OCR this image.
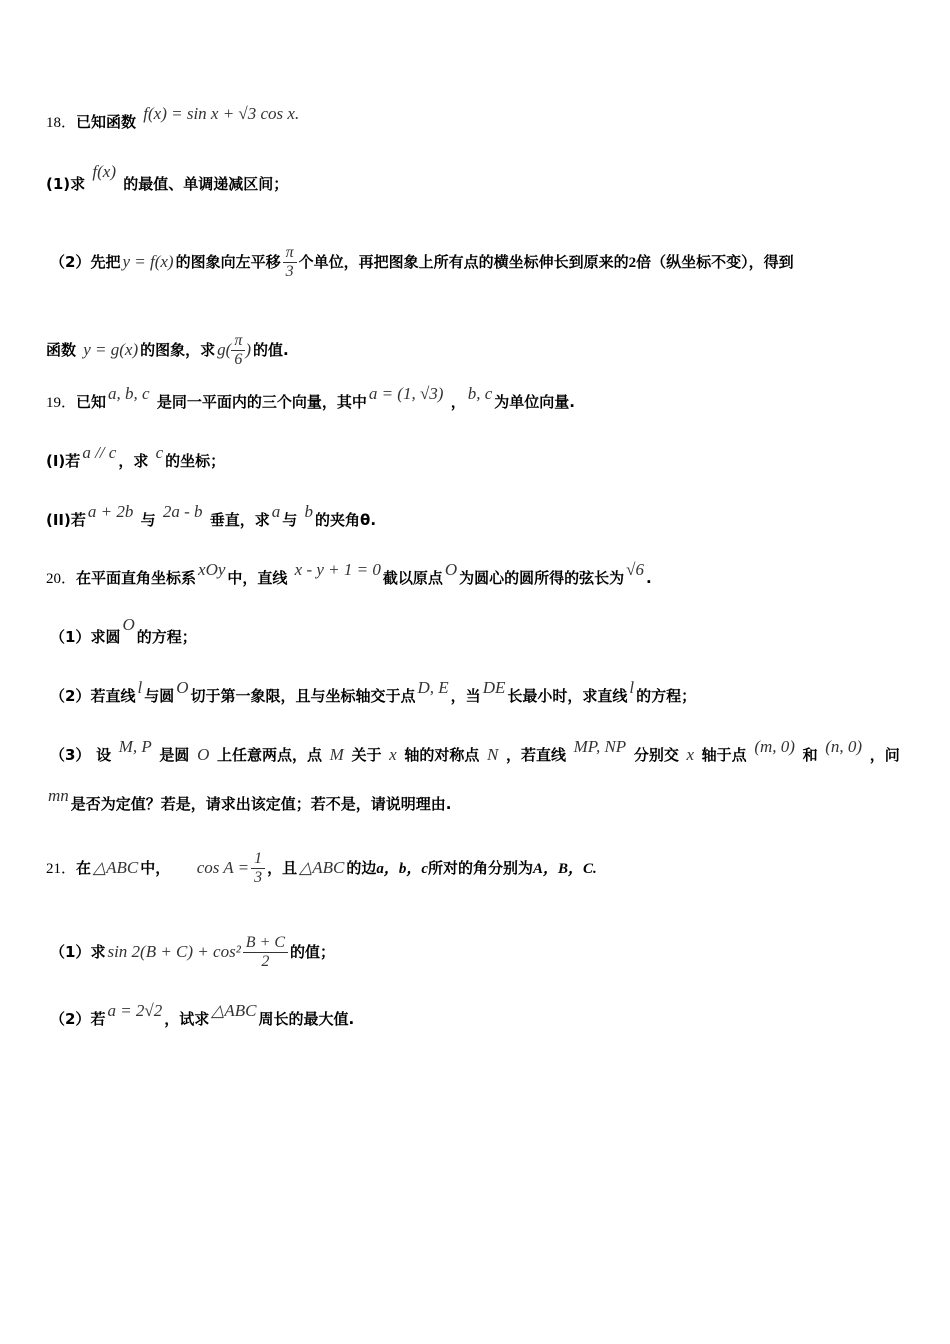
18．已知函数 f(x) = sin x + √3 cos x.
(1)求 f(x) 的最值、单调递减区间；
（2）先把 y = f(x) 的图象向左平移 $\frac{\pi}{3}$ 个单位，再把图象上所有点的横坐标伸长到原来的2倍（纵坐标不变），得到
函数 y = g(x) 的图象，求 $g( \frac{\pi}{6}$ ) 的值.
19．已知 a, b, c 是同一平面内的三个向量，其中 a = (1, √3) ， b, c 为单位向量.
(I)若 a // c ，求 c 的坐标；
(II)若 a + 2b 与 2a - b 垂直，求 a 与 b 的夹角θ.
20．在平面直角坐标系 xOy 中，直线 x - y + 1 = 0 截以原点 O 为圆心的圆所得的弦长为 √6 .
（1）求圆O的方程；
（2）若直线 l 与圆 O 切于第一象限，且与坐标轴交于点 D, E ，当 DE 长最小时，求直线 l 的方程；
（3） 设 M, P 是圆 O 上任意两点，点 M 关于 x 轴的对称点 N ，若直线 MP, NP 分别交 x 轴于点 (m, 0) 和 (n, 0) ，问
mn 是否为定值？若是，请求出该定值；若不是，请说明理由.
21．在 △ABC 中， $\cos A = \frac{1}{3}$ ，且 △ABC 的边a，b，c所对的角分别为A，B，C.
（1）求 $\sin 2(B + C) + \cos^2 \frac{B + C}{2}$ 的值；
（2）若 a = 2√2 ，试求 △ABC 周长的最大值.
